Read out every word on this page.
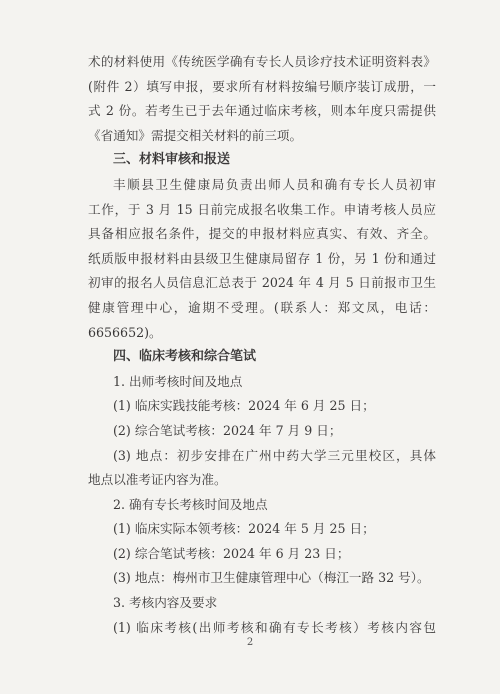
术的材料使用《传统医学确有专长人员诊疗技术证明资料表》
(附件 2）填写申报，要求所有材料按编号顺序装订成册，一
式 2 份。若考生已于去年通过临床考核，则本年度只需提供
《省通知》需提交相关材料的前三项。
三、材料审核和报送
丰顺县卫生健康局负责出师人员和确有专长人员初审
工作，于 3 月 15 日前完成报名收集工作。申请考核人员应
具备相应报名条件，提交的申报材料应真实、有效、齐全。
纸质版申报材料由县级卫生健康局留存 1 份，另 1 份和通过
初审的报名人员信息汇总表于 2024 年 4 月 5 日前报市卫生
健康管理中心，逾期不受理。(联系人：郑文凤，电话：
6656652)。
四、临床考核和综合笔试
1. 出师考核时间及地点
(1) 临床实践技能考核：2024 年 6 月 25 日；
(2) 综合笔试考核：2024 年 7 月 9 日；
(3) 地点：初步安排在广州中药大学三元里校区，具体
地点以准考证内容为准。
2. 确有专长考核时间及地点
(1) 临床实际本领考核：2024 年 5 月 25 日；
(2) 综合笔试考核：2024 年 6 月 23 日；
(3) 地点：梅州市卫生健康管理中心（梅江一路 32 号）。
3. 考核内容及要求
(1) 临床考核(出师考核和确有专长考核）考核内容包
2
